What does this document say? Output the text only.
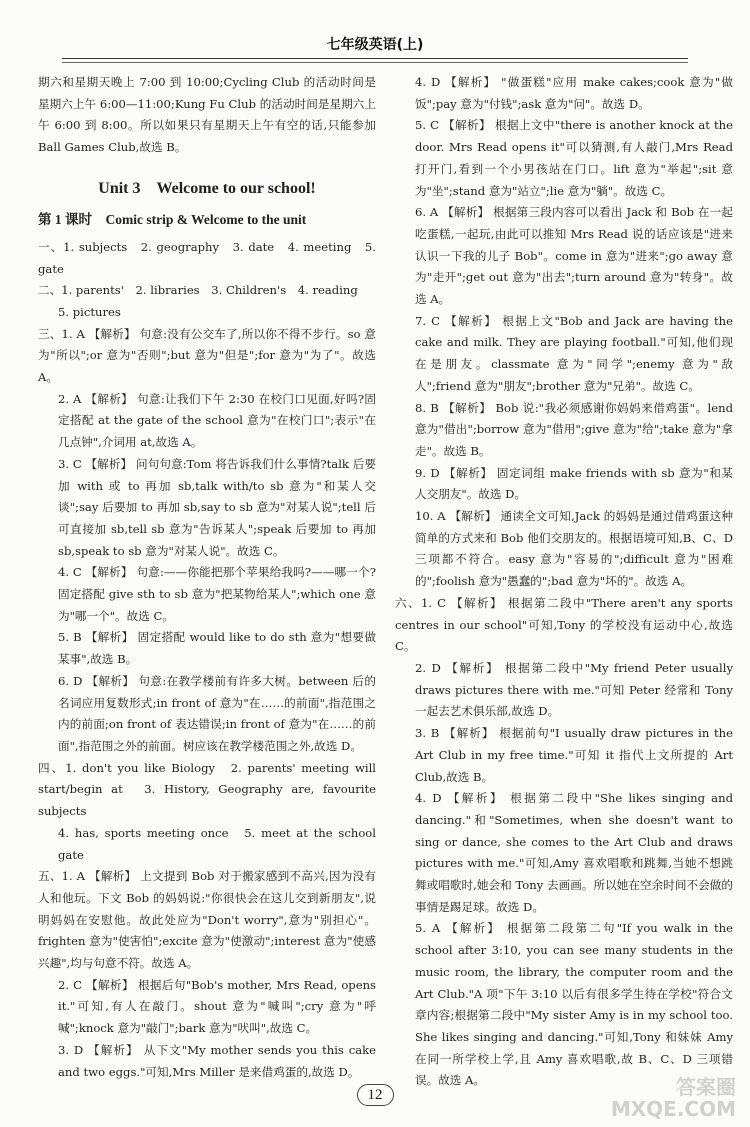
七年级英语(上)

期六和星期天晚上 7:00 到 10:00;Cycling Club 的活动时间是星期六上午 6:00—11:00;Kung Fu Club 的活动时间是星期六上午 6:00 到 8:00。所以如果只有星期天上午有空的话,只能参加 Ball Games Club,故选 B。

Unit 3　Welcome to our school!
第 1 课时　Comic strip & Welcome to the unit

一、1. subjects　2. geography　3. date　4. meeting　5. gate

二、1. parents'　2. libraries　3. Children's　4. reading

5. pictures

三、1. A 【解析】 句意:没有公交车了,所以你不得不步行。so 意为"所以";or 意为"否则";but 意为"但是";for 意为"为了"。故选 A。

2. A 【解析】 句意:让我们下午 2:30 在校门口见面,好吗?固定搭配 at the gate of the school 意为"在校门口";表示"在几点钟",介词用 at,故选 A。

3. C 【解析】 问句句意:Tom 将告诉我们什么事情?talk 后要加 with 或 to 再加 sb,talk with/to sb 意为"和某人交谈";say 后要加 to 再加 sb,say to sb 意为"对某人说";tell 后可直接加 sb,tell sb 意为"告诉某人";speak 后要加 to 再加 sb,speak to sb 意为"对某人说"。故选 C。

4. C 【解析】 句意:——你能把那个苹果给我吗?——哪一个?固定搭配 give sth to sb 意为"把某物给某人";which one 意为"哪一个"。故选 C。

5. B 【解析】 固定搭配 would like to do sth 意为"想要做某事",故选 B。

6. D 【解析】 句意:在教学楼前有许多大树。between 后的名词应用复数形式;in front of 意为"在……的前面",指范围之内的前面;on front of 表达错误;in front of 意为"在……的前面",指范围之外的前面。树应该在教学楼范围之外,故选 D。

四、1. don't you like Biology　2. parents' meeting will start/begin at　3. History, Geography are, favourite subjects

4. has, sports meeting once　5. meet at the school gate

五、1. A 【解析】 上文提到 Bob 对于搬家感到不高兴,因为没有人和他玩。下文 Bob 的妈妈说:"你很快会在这儿交到新朋友",说明妈妈在安慰他。故此处应为"Don't worry",意为"别担心"。frighten 意为"使害怕";excite 意为"使激动";interest 意为"使感兴趣",均与句意不符。故选 A。

2. C 【解析】 根据后句"Bob's mother, Mrs Read, opens it."可知,有人在敲门。shout 意为"喊叫";cry 意为"呼喊";knock 意为"敲门";bark 意为"吠叫",故选 C。

3. D 【解析】 从下文"My mother sends you this cake and two eggs."可知,Mrs Miller 是来借鸡蛋的,故选 D。

4. D 【解析】 "做蛋糕"应用 make cakes;cook 意为"做饭";pay 意为"付钱";ask 意为"问"。故选 D。

5. C 【解析】 根据上文中"there is another knock at the door. Mrs Read opens it"可以猜测,有人敲门,Mrs Read 打开门,看到一个小男孩站在门口。lift 意为"举起";sit 意为"坐";stand 意为"站立";lie 意为"躺"。故选 C。

6. A 【解析】 根据第三段内容可以看出 Jack 和 Bob 在一起吃蛋糕,一起玩,由此可以推知 Mrs Read 说的话应该是"进来认识一下我的儿子 Bob"。come in 意为"进来";go away 意为"走开";get out 意为"出去";turn around 意为"转身"。故选 A。

7. C 【解析】 根据上文"Bob and Jack are having the cake and milk. They are playing football."可知,他们现在是朋友。classmate 意为"同学";enemy 意为"敌人";friend 意为"朋友";brother 意为"兄弟"。故选 C。

8. B 【解析】 Bob 说:"我必须感谢你妈妈来借鸡蛋"。lend 意为"借出";borrow 意为"借用";give 意为"给";take 意为"拿走"。故选 B。

9. D 【解析】 固定词组 make friends with sb 意为"和某人交朋友"。故选 D。

10. A 【解析】 通读全文可知,Jack 的妈妈是通过借鸡蛋这种简单的方式来和 Bob 他们交朋友的。根据语境可知,B、C、D 三项都不符合。easy 意为"容易的";difficult 意为"困难的";foolish 意为"愚蠢的";bad 意为"坏的"。故选 A。

六、1. C 【解析】 根据第二段中"There aren't any sports centres in our school"可知,Tony 的学校没有运动中心,故选 C。

2. D 【解析】 根据第二段中"My friend Peter usually draws pictures there with me."可知 Peter 经常和 Tony 一起去艺术俱乐部,故选 D。

3. B 【解析】 根据前句"I usually draw pictures in the Art Club in my free time."可知 it 指代上文所提的 Art Club,故选 B。

4. D 【解析】 根据第二段中"She likes singing and dancing."和"Sometimes, when she doesn't want to sing or dance, she comes to the Art Club and draws pictures with me."可知,Amy 喜欢唱歌和跳舞,当她不想跳舞或唱歌时,她会和 Tony 去画画。所以她在空余时间不会做的事情是踢足球。故选 D。

5. A 【解析】 根据第二段第二句"If you walk in the school after 3:10, you can see many students in the music room, the library, the computer room and the Art Club."A 项"下午 3:10 以后有很多学生待在学校"符合文章内容;根据第二段中"My sister Amy is in my school too. She likes singing and dancing."可知,Tony 和妹妹 Amy 在同一所学校上学,且 Amy 喜欢唱歌,故 B、C、D 三项错误。故选 A。

12	答案圈 MXQE.COM
